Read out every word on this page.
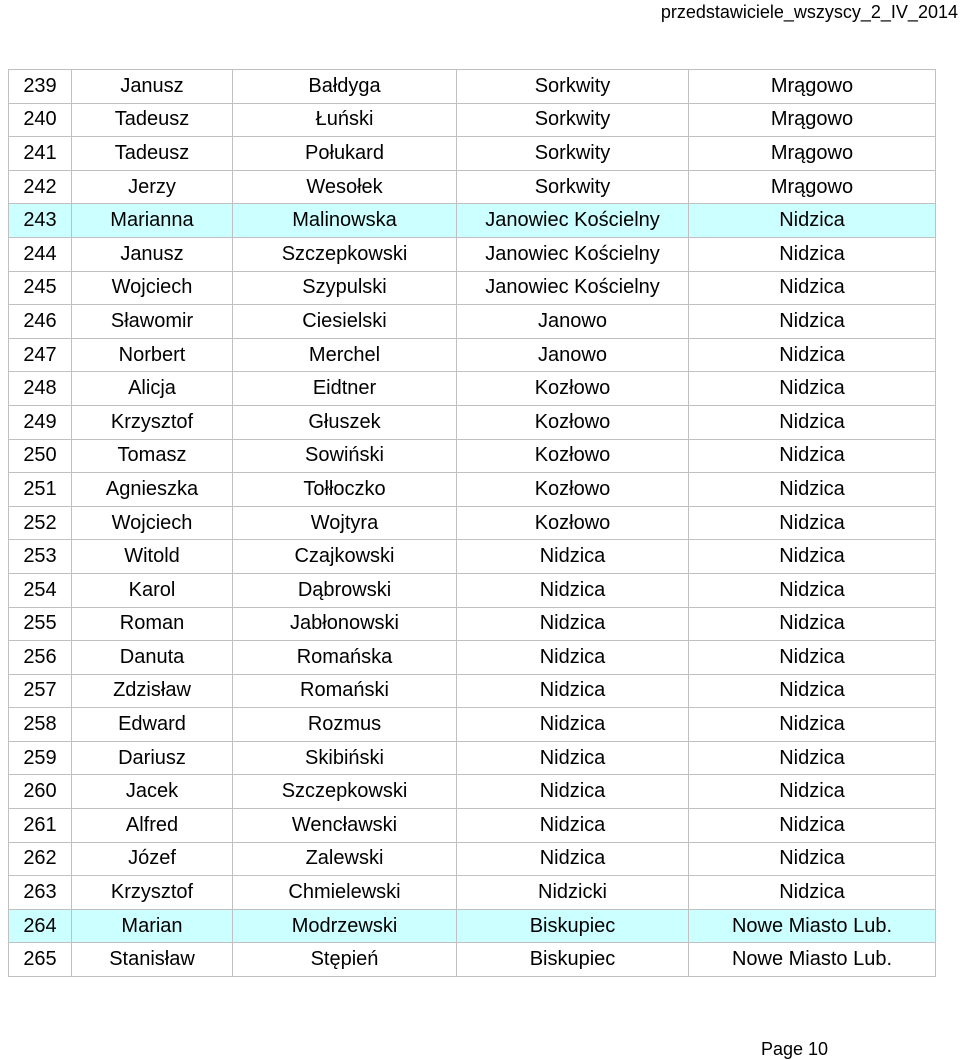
przedstawiciele_wszyscy_2_IV_2014
239	Janusz	Bałdyga	Sorkwity	Mrągowo
240	Tadeusz	Łuński	Sorkwity	Mrągowo
241	Tadeusz	Połukard	Sorkwity	Mrągowo
242	Jerzy	Wesołek	Sorkwity	Mrągowo
243	Marianna	Malinowska	Janowiec Kościelny	Nidzica
244	Janusz	Szczepkowski	Janowiec Kościelny	Nidzica
245	Wojciech	Szypulski	Janowiec Kościelny	Nidzica
246	Sławomir	Ciesielski	Janowo	Nidzica
247	Norbert	Merchel	Janowo	Nidzica
248	Alicja	Eidtner	Kozłowo	Nidzica
249	Krzysztof	Głuszek	Kozłowo	Nidzica
250	Tomasz	Sowiński	Kozłowo	Nidzica
251	Agnieszka	Tołłoczko	Kozłowo	Nidzica
252	Wojciech	Wojtyra	Kozłowo	Nidzica
253	Witold	Czajkowski	Nidzica	Nidzica
254	Karol	Dąbrowski	Nidzica	Nidzica
255	Roman	Jabłonowski	Nidzica	Nidzica
256	Danuta	Romańska	Nidzica	Nidzica
257	Zdzisław	Romański	Nidzica	Nidzica
258	Edward	Rozmus	Nidzica	Nidzica
259	Dariusz	Skibiński	Nidzica	Nidzica
260	Jacek	Szczepkowski	Nidzica	Nidzica
261	Alfred	Wencławski	Nidzica	Nidzica
262	Józef	Zalewski	Nidzica	Nidzica
263	Krzysztof	Chmielewski	Nidzicki	Nidzica
264	Marian	Modrzewski	Biskupiec	Nowe Miasto Lub.
265	Stanisław	Stępień	Biskupiec	Nowe Miasto Lub.
Page 10
